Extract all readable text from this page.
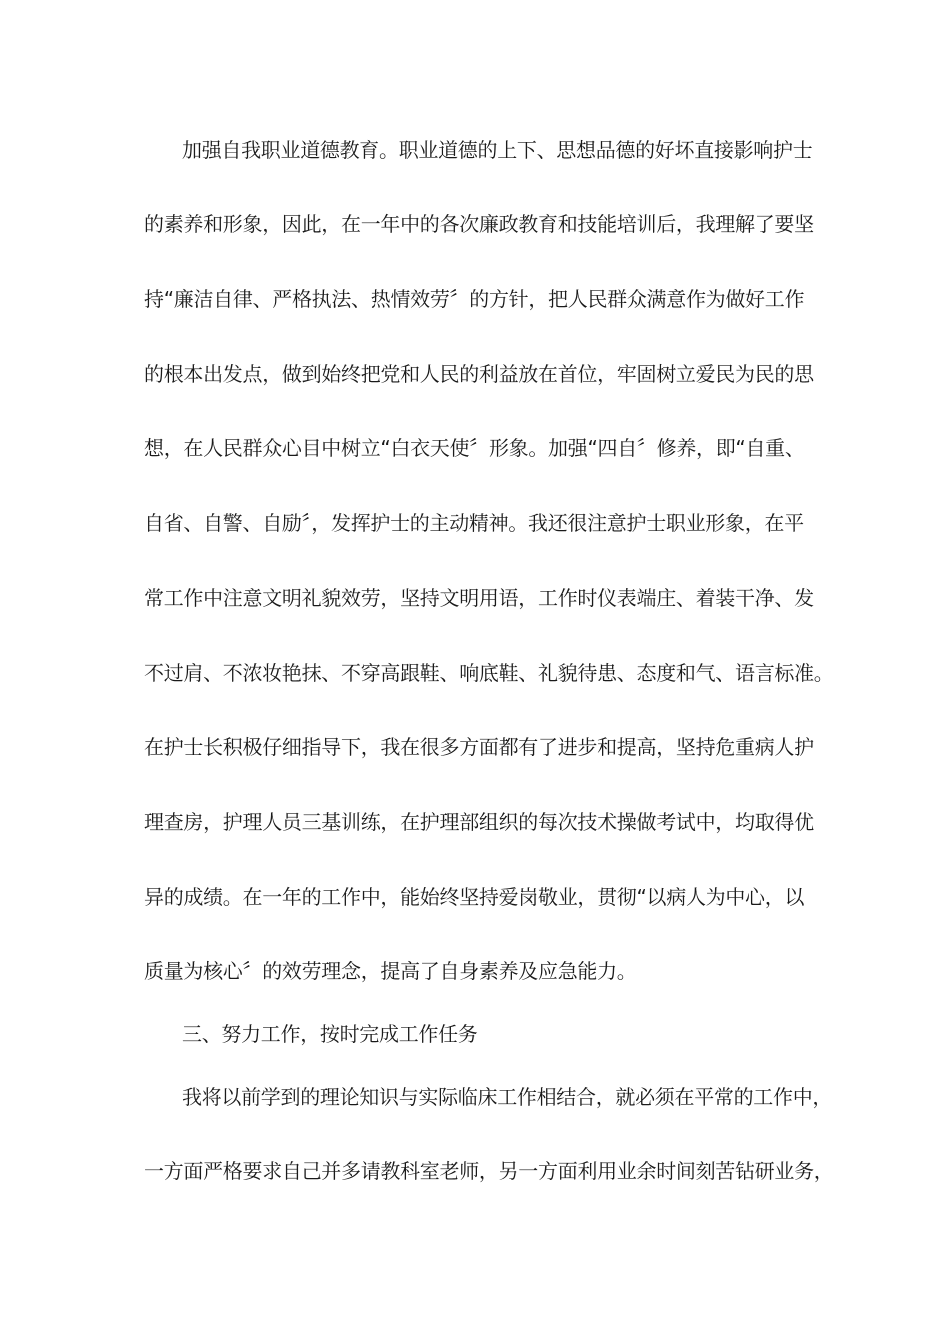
加强自我职业道德教育。职业道德的上下、思想品德的好坏直接影响护士
的素养和形象，因此，在一年中的各次廉政教育和技能培训后，我理解了要坚
持“廉洁自律、严格执法、热情效劳〞的方针，把人民群众满意作为做好工作
的根本出发点，做到始终把党和人民的利益放在首位，牢固树立爱民为民的思
想，在人民群众心目中树立“白衣天使〞形象。加强“四自〞修养，即“自重、
自省、自警、自励〞，发挥护士的主动精神。我还很注意护士职业形象，在平
常工作中注意文明礼貌效劳，坚持文明用语，工作时仪表端庄、着装干净、发
不过肩、不浓妆艳抹、不穿高跟鞋、响底鞋、礼貌待患、态度和气、语言标准。
在护士长积极仔细指导下，我在很多方面都有了进步和提高，坚持危重病人护
理查房，护理人员三基训练，在护理部组织的每次技术操做考试中，均取得优
异的成绩。在一年的工作中，能始终坚持爱岗敬业，贯彻“以病人为中心，以
质量为核心〞的效劳理念，提高了自身素养及应急能力。
三、努力工作，按时完成工作任务
我将以前学到的理论知识与实际临床工作相结合，就必须在平常的工作中，
一方面严格要求自己并多请教科室老师，另一方面利用业余时间刻苦钻研业务，
